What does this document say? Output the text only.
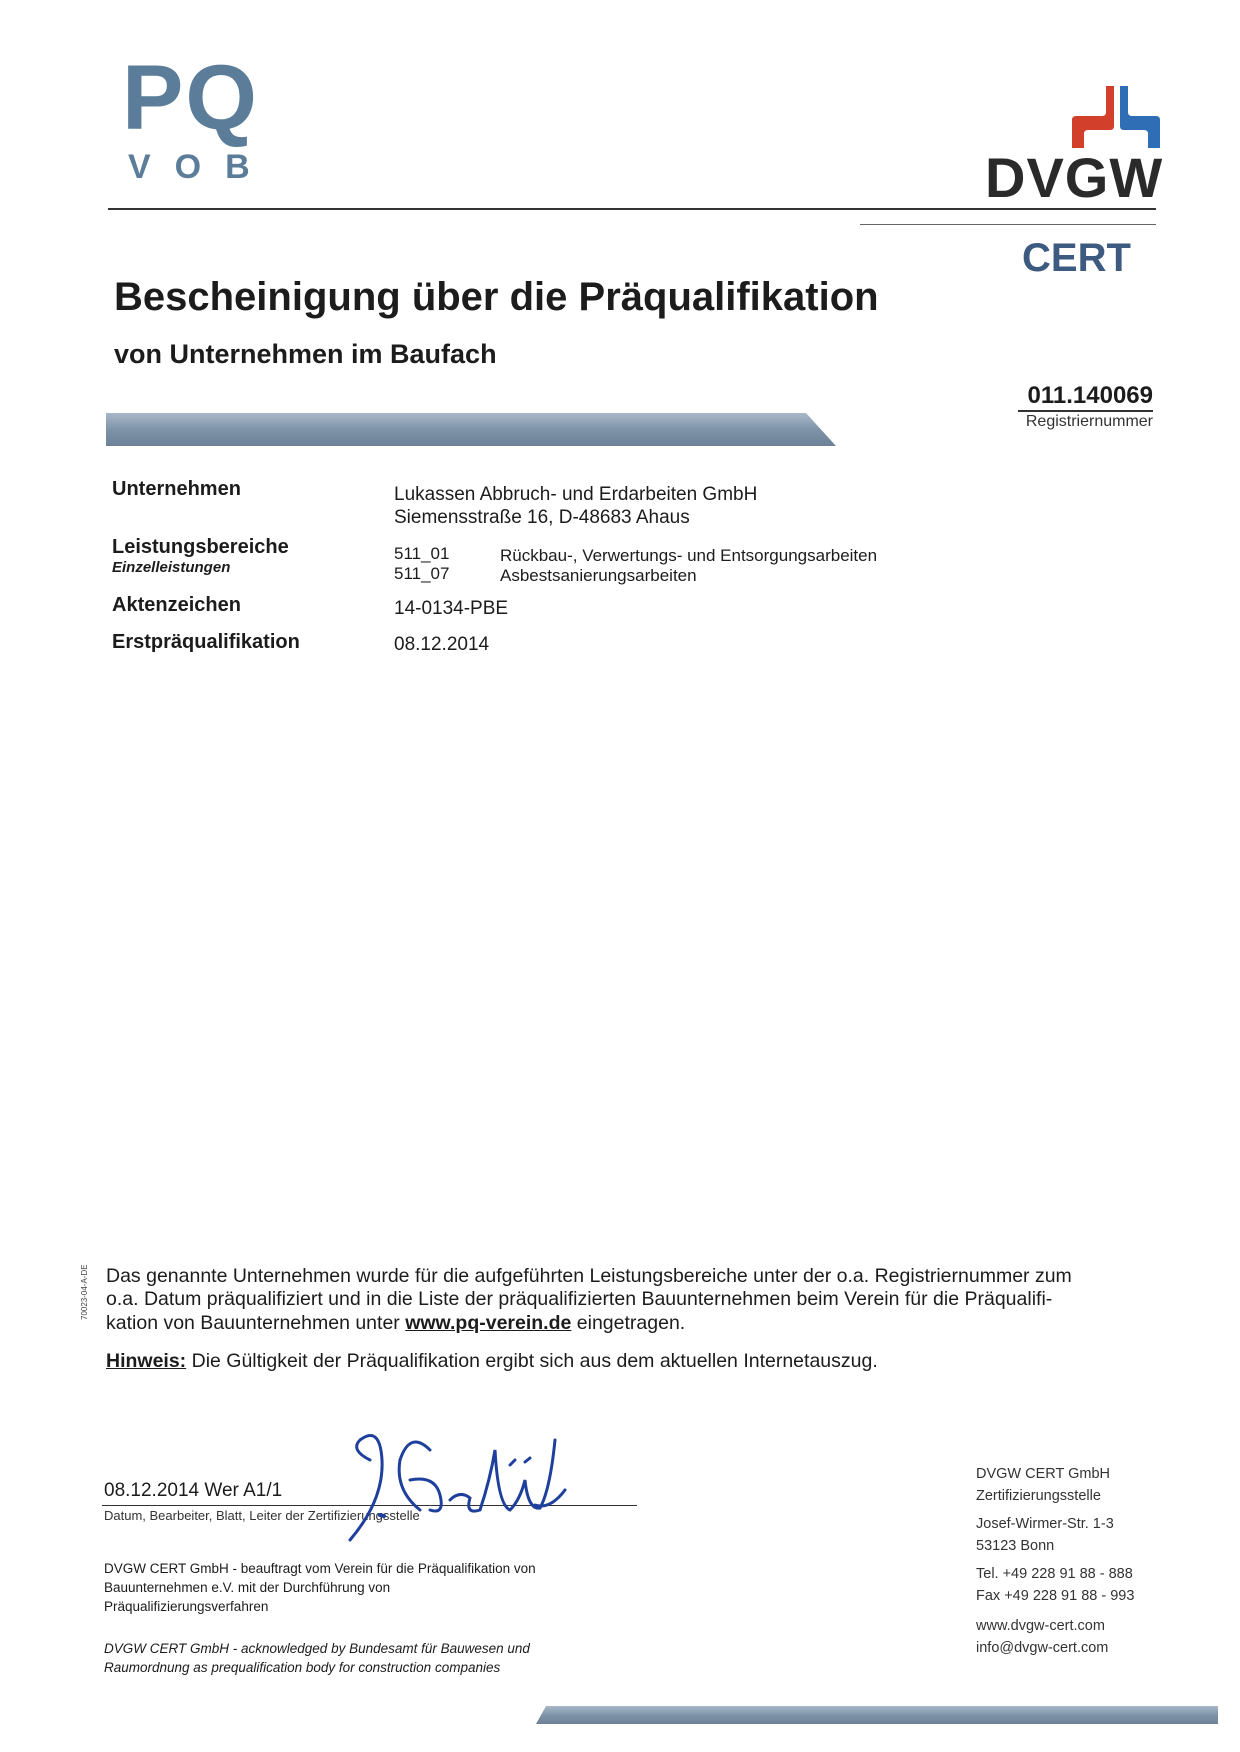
PQ
VOB	DVGW
CERT
Bescheinigung über die Präqualifikation
von Unternehmen im Baufach
011.140069
Registriernummer
Unternehmen	Lukassen Abbruch- und Erdarbeiten GmbH
Siemensstraße 16, D-48683 Ahaus
Leistungsbereiche
Einzelleistungen
511_01	Rückbau-, Verwertungs- und Entsorgungsarbeiten
511_07	Asbestsanierungsarbeiten
Aktenzeichen	14-0134-PBE
Erstpräqualifikation	08.12.2014
Das genannte Unternehmen wurde für die aufgeführten Leistungsbereiche unter der o.a. Registriernummer zum
o.a. Datum präqualifiziert und in die Liste der präqualifizierten Bauunternehmen beim Verein für die Präqualifi-
kation von Bauunternehmen unter www.pq-verein.de eingetragen.
Hinweis: Die Gültigkeit der Präqualifikation ergibt sich aus dem aktuellen Internetauszug.
70023-04-A-DE
08.12.2014 Wer A1/1
Datum, Bearbeiter, Blatt, Leiter der Zertifizierungsstelle
DVGW CERT GmbH - beauftragt vom Verein für die Präqualifikation von
Bauunternehmen e.V. mit der Durchführung von
Präqualifizierungsverfahren
DVGW CERT GmbH - acknowledged by Bundesamt für Bauwesen und
Raumordnung as prequalification body for construction companies
DVGW CERT GmbH
Zertifizierungsstelle
Josef-Wirmer-Str. 1-3
53123 Bonn
Tel. +49 228 91 88 - 888
Fax +49 228 91 88 - 993
www.dvgw-cert.com
info@dvgw-cert.com
